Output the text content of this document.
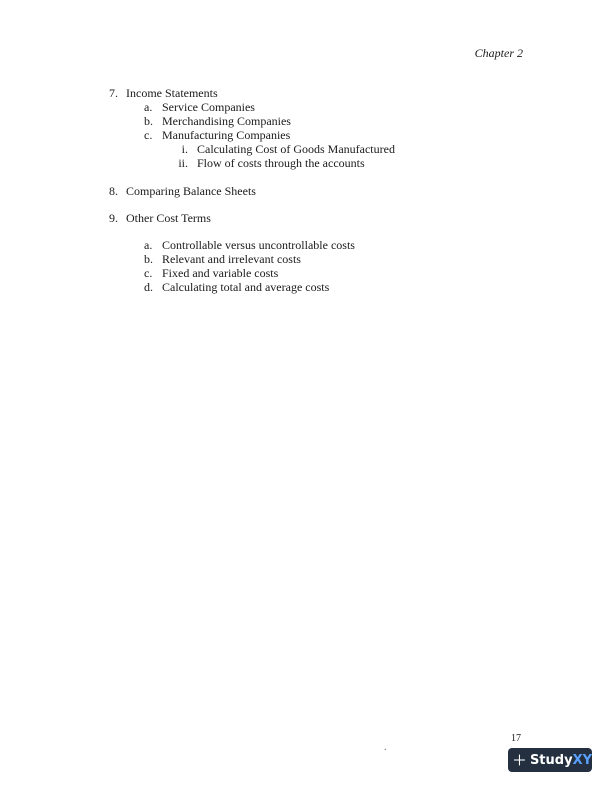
Chapter 2
7. Income Statements
a. Service Companies
b. Merchandising Companies
c. Manufacturing Companies
i. Calculating Cost of Goods Manufactured
ii. Flow of costs through the accounts
8. Comparing Balance Sheets
9. Other Cost Terms
a. Controllable versus uncontrollable costs
b. Relevant and irrelevant costs
c. Fixed and variable costs
d. Calculating total and average costs
17
.
Study XY
